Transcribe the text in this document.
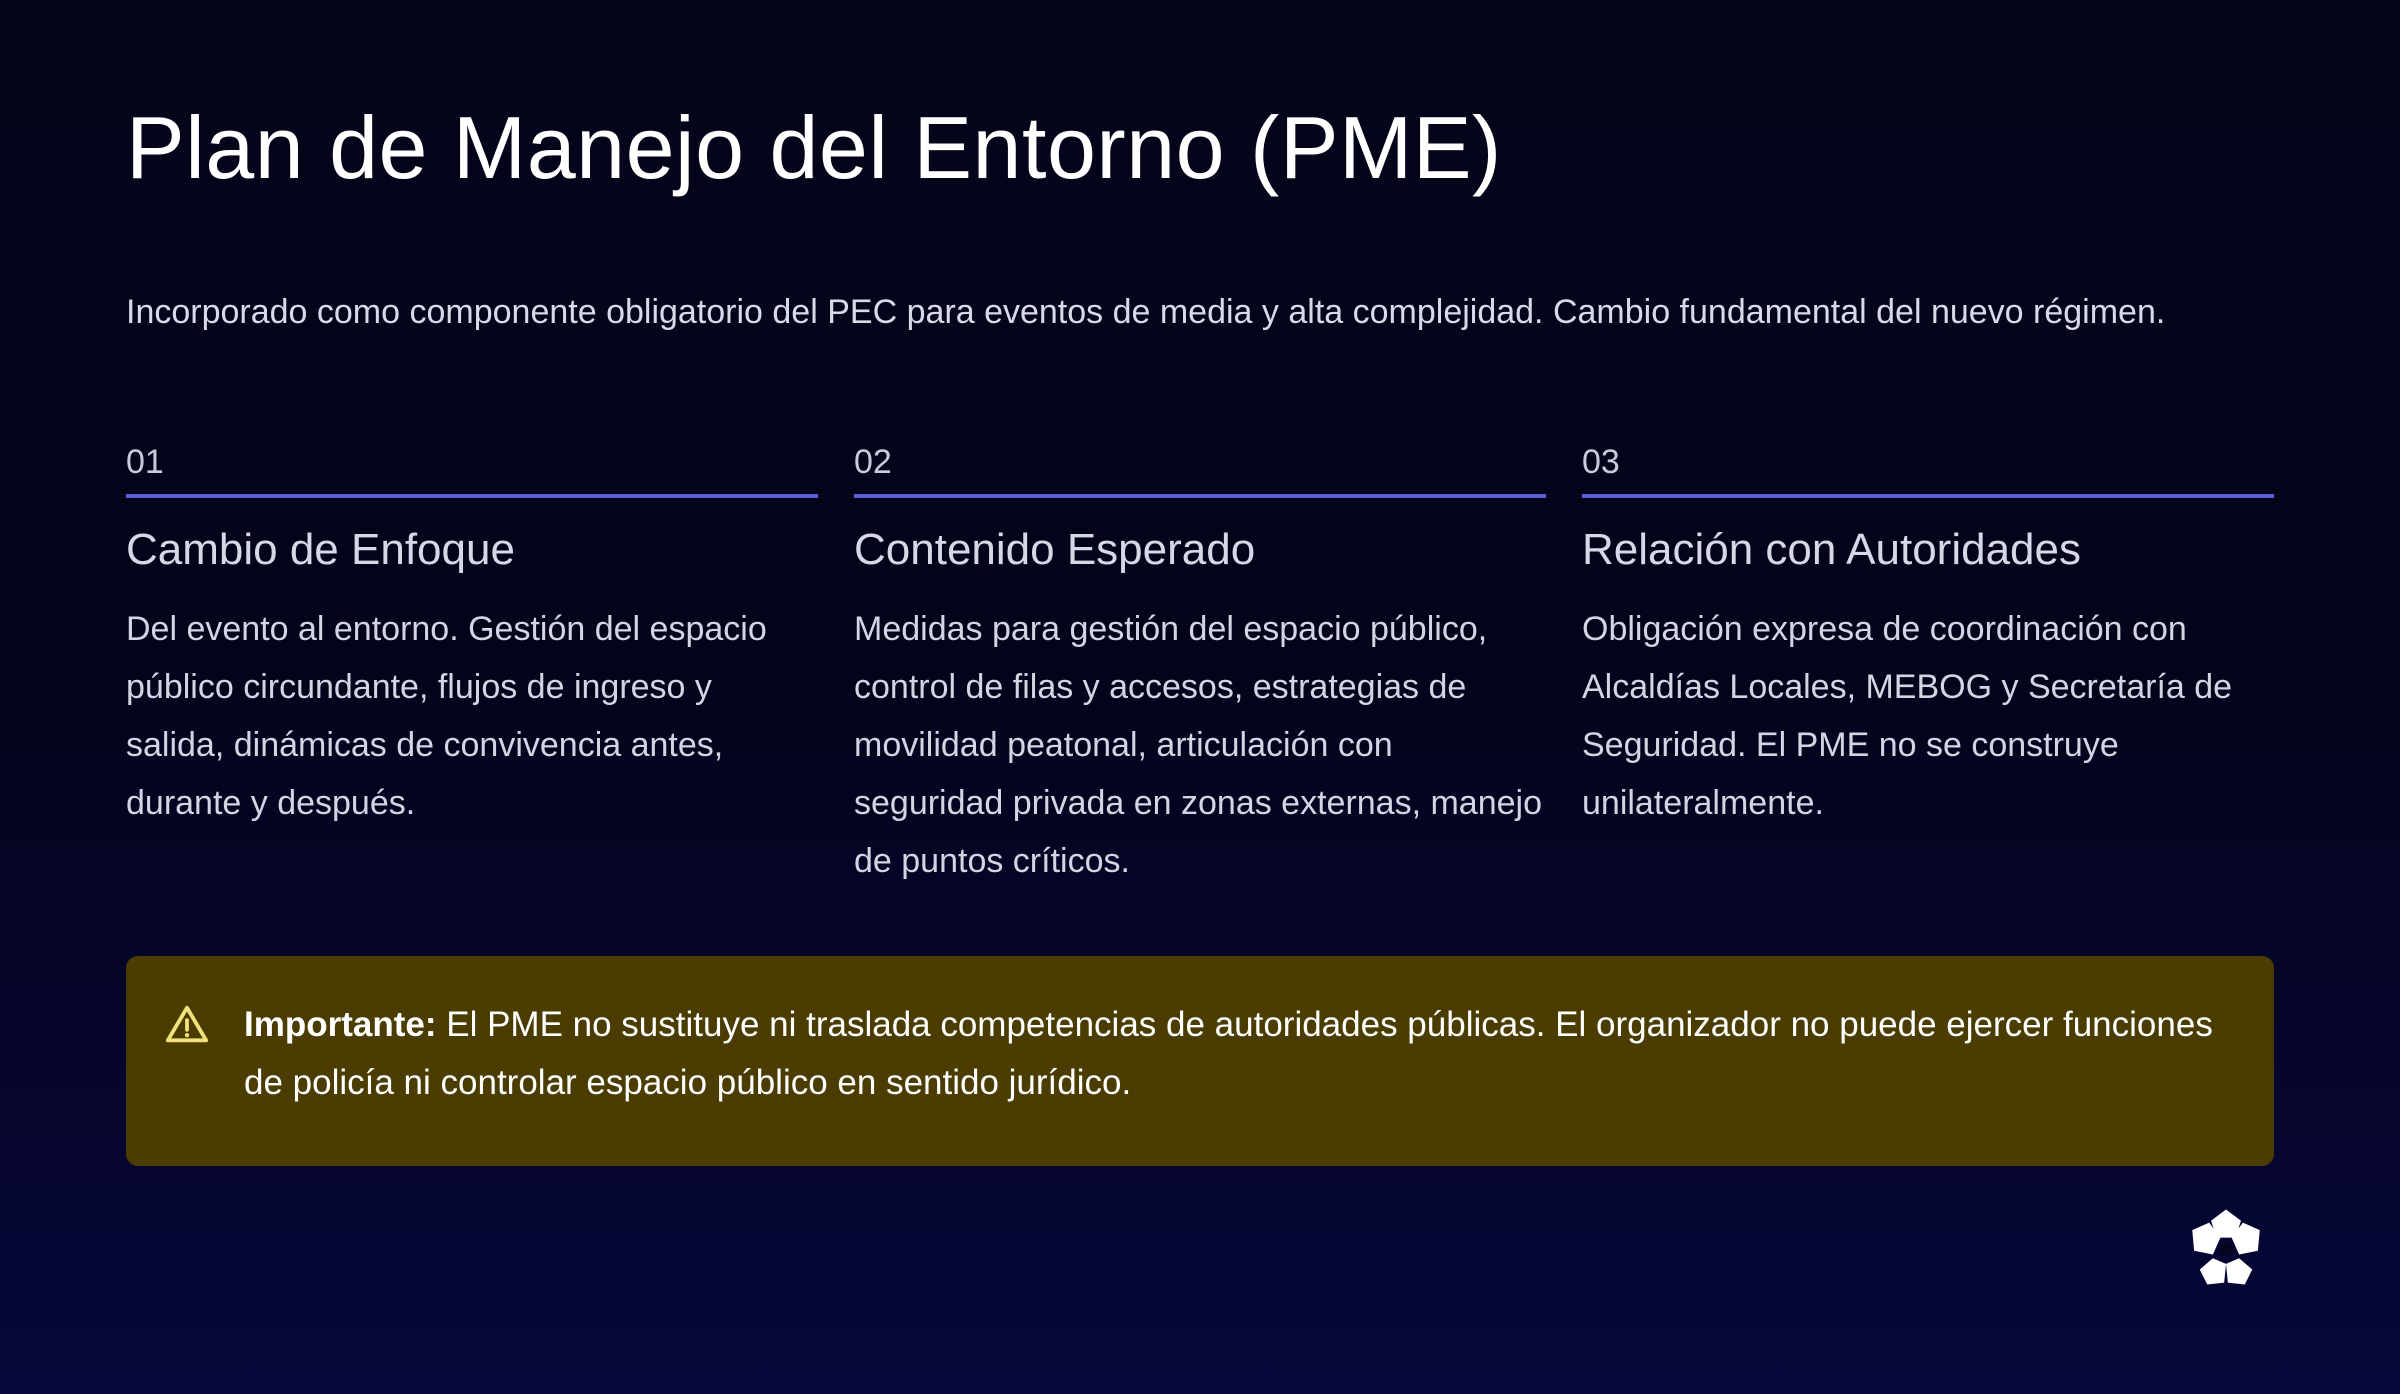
Plan de Manejo del Entorno (PME)

Incorporado como componente obligatorio del PEC para eventos de media y alta complejidad. Cambio fundamental del nuevo régimen.

01
Cambio de Enfoque

Del evento al entorno. Gestión del espacio público circundante, flujos de ingreso y salida, dinámicas de convivencia antes, durante y después.

02
Contenido Esperado

Medidas para gestión del espacio público, control de filas y accesos, estrategias de movilidad peatonal, articulación con seguridad privada en zonas externas, manejo de puntos críticos.

03
Relación con Autoridades

Obligación expresa de coordinación con Alcaldías Locales, MEBOG y Secretaría de Seguridad. El PME no se construye unilateralmente.

Importante: El PME no sustituye ni traslada competencias de autoridades públicas. El organizador no puede ejercer funciones de policía ni controlar espacio público en sentido jurídico.
